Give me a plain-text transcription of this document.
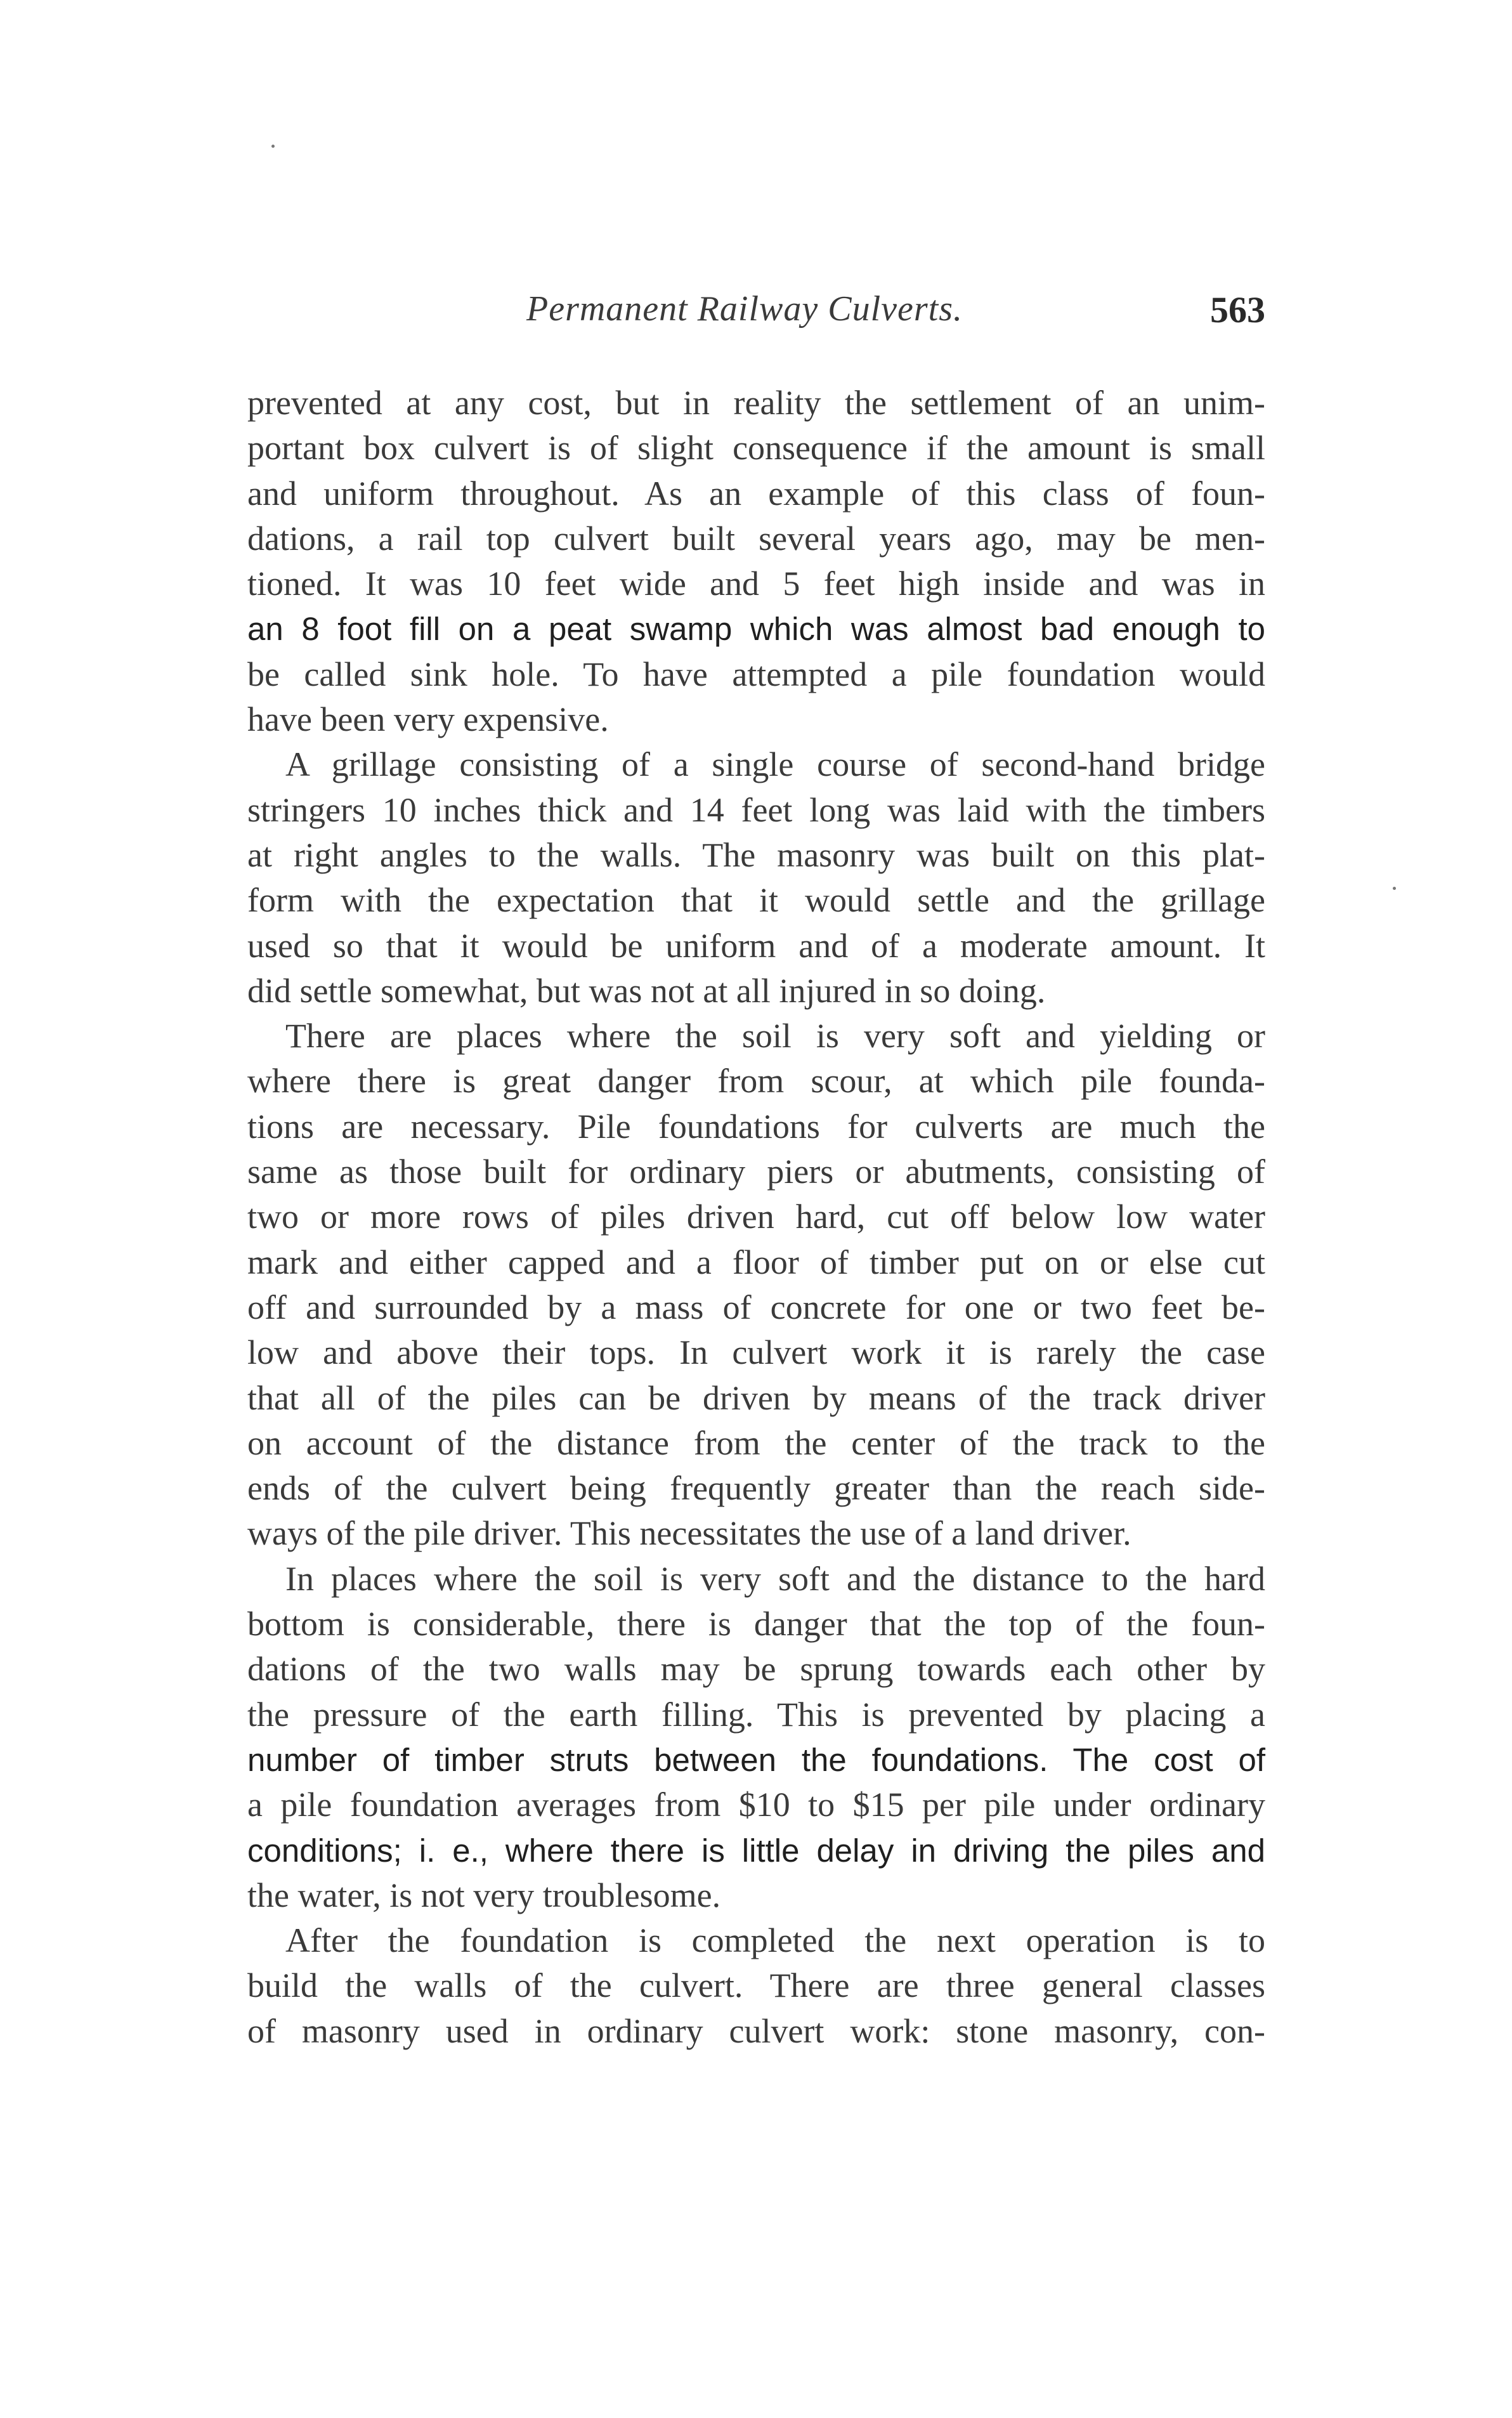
Permanent Railway Culverts.	563
prevented at any cost, but in reality the settlement of an unim-
portant box culvert is of slight consequence if the amount is small
and uniform throughout. As an example of this class of foun-
dations, a rail top culvert built several years ago, may be men-
tioned. It was 10 feet wide and 5 feet high inside and was in
an 8 foot fill on a peat swamp which was almost bad enough to
be called sink hole. To have attempted a pile foundation would
have been very expensive.
A grillage consisting of a single course of second-hand bridge
stringers 10 inches thick and 14 feet long was laid with the timbers
at right angles to the walls. The masonry was built on this plat-
form with the expectation that it would settle and the grillage
used so that it would be uniform and of a moderate amount. It
did settle somewhat, but was not at all injured in so doing.
There are places where the soil is very soft and yielding or
where there is great danger from scour, at which pile founda-
tions are necessary. Pile foundations for culverts are much the
same as those built for ordinary piers or abutments, consisting of
two or more rows of piles driven hard, cut off below low water
mark and either capped and a floor of timber put on or else cut
off and surrounded by a mass of concrete for one or two feet be-
low and above their tops. In culvert work it is rarely the case
that all of the piles can be driven by means of the track driver
on account of the distance from the center of the track to the
ends of the culvert being frequently greater than the reach side-
ways of the pile driver. This necessitates the use of a land driver.
In places where the soil is very soft and the distance to the hard
bottom is considerable, there is danger that the top of the foun-
dations of the two walls may be sprung towards each other by
the pressure of the earth filling. This is prevented by placing a
number of timber struts between the foundations. The cost of
a pile foundation averages from $10 to $15 per pile under ordinary
conditions; i. e., where there is little delay in driving the piles and
the water, is not very troublesome.
After the foundation is completed the next operation is to
build the walls of the culvert. There are three general classes
of masonry used in ordinary culvert work: stone masonry, con-
